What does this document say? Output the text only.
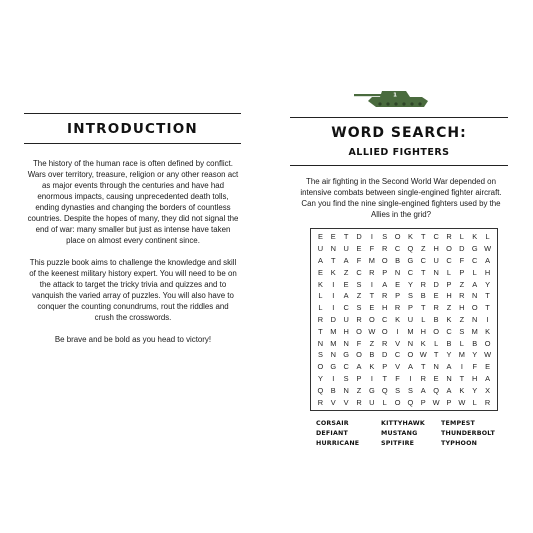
INTRODUCTION

The history of the human race is often defined by conflict. Wars over territory, treasure, religion or any other reason act as major events through the centuries and have had enormous impacts, causing unprecedented death tolls, ending dynasties and changing the borders of countless countries. Despite the hopes of many, they did not signal the end of war: many smaller but just as intense have taken place on almost every continent since.

This puzzle book aims to challenge the knowledge and skill of the keenest military history expert. You will need to be on the attack to target the tricky trivia and quizzes and to vanquish the varied array of puzzles. You will also have to conquer the counting conundrums, rout the riddles and crush the crosswords.

Be brave and be bold as you head to victory!

1
WORD SEARCH:
ALLIED FIGHTERS
The air fighting in the Second World War depended on intensive combats between single-engined fighter aircraft. Can you find the nine single-engined fighters used by the Allies in the grid?
E	E	T	D	I	S	O	K	T	C	R	L	K	L
U	N	U	E	F	R	C Q	Z	H O D G W
A	T	A	F	M O	B	G C	U	C	F	C	A
E	K	Z	C	R	P	N	C	T	N	L	P	L	H
K	I	E	S	I	A	E	Y	R	D	P	Z	A	Y
L	I	A	Z	T	R	P	S	B	E	H	R	N	T
L	I	C	S	E	H	R	P	T	R	Z	H O	T
R	D	U	R O C	K	U	L	B	K	Z	N	I
T	M H O W O	I	M H O C	S M K
N M N	F	Z	R	V	N	K	L	B	L	B	O
S	N G O	B	D	C O W T	Y M Y W
O G C	A	K	P	V	A	T	N	A	I	F	E
Y	I	S	P	I	T	F	I	R	E	N	T	H	A
Q	B	N	Z	G Q	S	S	A	Q	A	K	Y	X
R	V	V	R	U	L	O Q	P W P W L	R
CORSAIR	KITTYHAWK	TEMPEST
DEFIANT	MUSTANG	THUNDERBOLT
HURRICANE	SPITFIRE	TYPHOON
